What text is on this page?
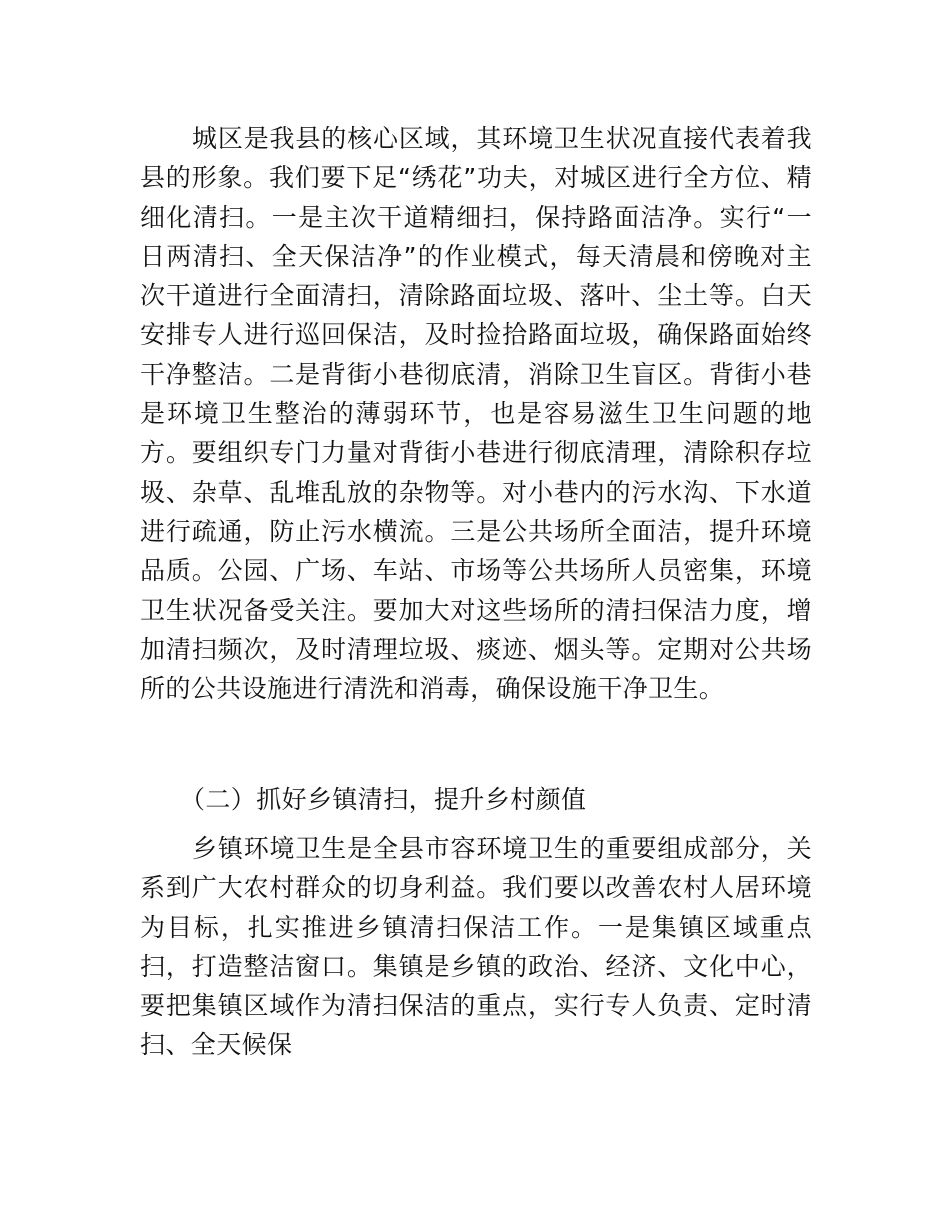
城区是我县的核心区域，其环境卫生状况直接代表着我县的形象。我们要下足“绣花”功夫，对城区进行全方位、精细化清扫。一是主次干道精细扫，保持路面洁净。实行“一日两清扫、全天保洁净”的作业模式，每天清晨和傍晚对主次干道进行全面清扫，清除路面垃圾、落叶、尘土等。白天安排专人进行巡回保洁，及时捡拾路面垃圾，确保路面始终干净整洁。二是背街小巷彻底清，消除卫生盲区。背街小巷是环境卫生整治的薄弱环节，也是容易滋生卫生问题的地方。要组织专门力量对背街小巷进行彻底清理，清除积存垃圾、杂草、乱堆乱放的杂物等。对小巷内的污水沟、下水道进行疏通，防止污水横流。三是公共场所全面洁，提升环境品质。公园、广场、车站、市场等公共场所人员密集，环境卫生状况备受关注。要加大对这些场所的清扫保洁力度，增加清扫频次，及时清理垃圾、痰迹、烟头等。定期对公共场所的公共设施进行清洗和消毒，确保设施干净卫生。

（二）抓好乡镇清扫，提升乡村颜值

乡镇环境卫生是全县市容环境卫生的重要组成部分，关系到广大农村群众的切身利益。我们要以改善农村人居环境为目标，扎实推进乡镇清扫保洁工作。一是集镇区域重点扫，打造整洁窗口。集镇是乡镇的政治、经济、文化中心，要把集镇区域作为清扫保洁的重点，实行专人负责、定时清扫、全天候保
